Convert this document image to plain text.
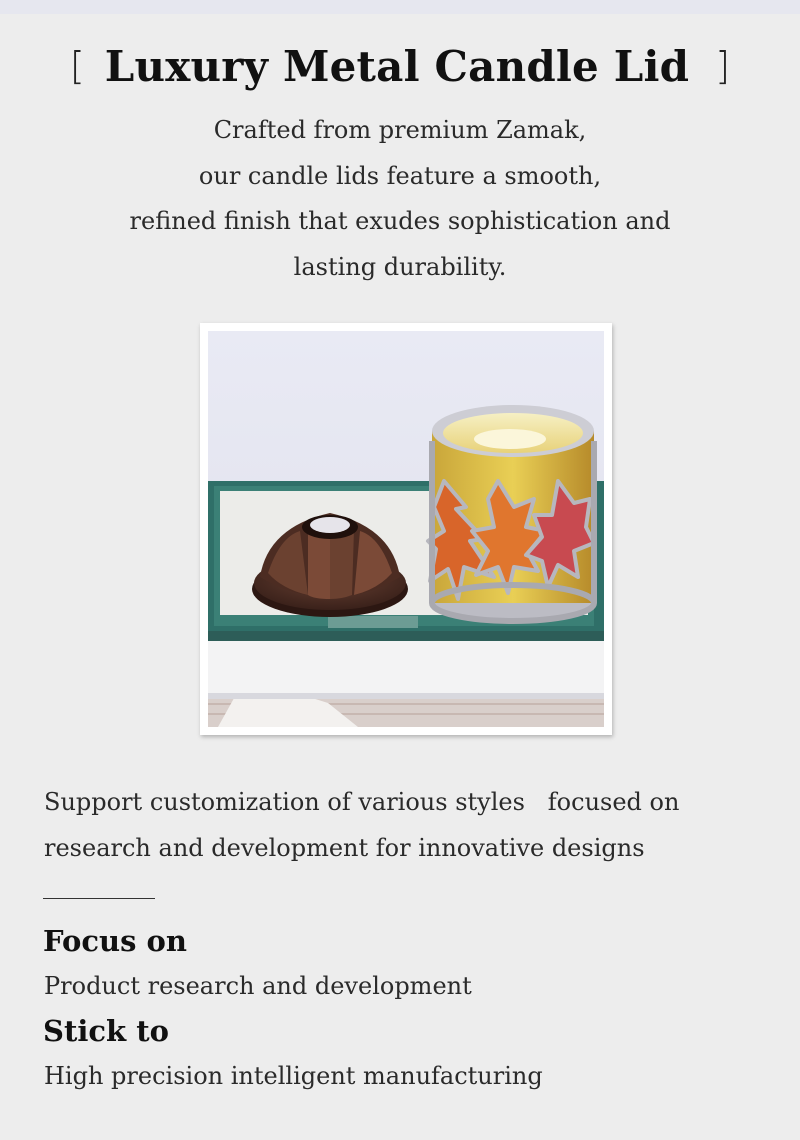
[ Luxury Metal Candle Lid ]
Crafted from premium Zamak,
our candle lids feature a smooth,
refined finish that exudes sophistication and
lasting durability.
Support customization of various styles   focused on
research and development for innovative designs
Focus on
Product research and development
Stick to
High precision intelligent manufacturing
